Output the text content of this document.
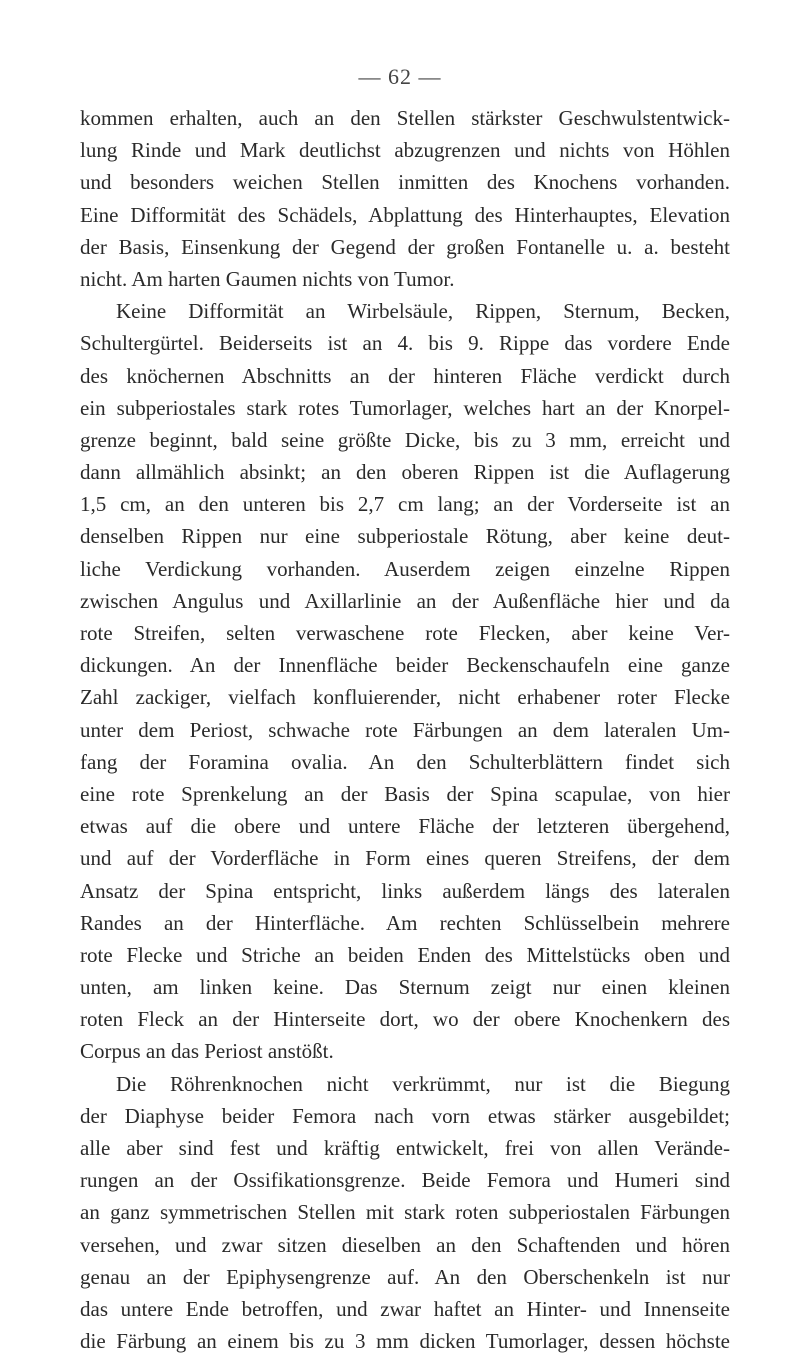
— 62 —
kommen erhalten, auch an den Stellen stärkster Geschwulstentwick-
lung Rinde und Mark deutlichst abzugrenzen und nichts von Höhlen
und besonders weichen Stellen inmitten des Knochens vorhanden.
Eine Difformität des Schädels, Abplattung des Hinterhauptes, Elevation
der Basis, Einsenkung der Gegend der großen Fontanelle u. a. besteht
nicht. Am harten Gaumen nichts von Tumor.
Keine Difformität an Wirbelsäule, Rippen, Sternum, Becken,
Schultergürtel. Beiderseits ist an 4. bis 9. Rippe das vordere Ende
des knöchernen Abschnitts an der hinteren Fläche verdickt durch
ein subperiostales stark rotes Tumorlager, welches hart an der Knorpel-
grenze beginnt, bald seine größte Dicke, bis zu 3 mm, erreicht und
dann allmählich absinkt; an den oberen Rippen ist die Auflagerung
1,5 cm, an den unteren bis 2,7 cm lang; an der Vorderseite ist an
denselben Rippen nur eine subperiostale Rötung, aber keine deut-
liche Verdickung vorhanden. Auserdem zeigen einzelne Rippen
zwischen Angulus und Axillarlinie an der Außenfläche hier und da
rote Streifen, selten verwaschene rote Flecken, aber keine Ver-
dickungen. An der Innenfläche beider Beckenschaufeln eine ganze
Zahl zackiger, vielfach konfluierender, nicht erhabener roter Flecke
unter dem Periost, schwache rote Färbungen an dem lateralen Um-
fang der Foramina ovalia. An den Schulterblättern findet sich
eine rote Sprenkelung an der Basis der Spina scapulae, von hier
etwas auf die obere und untere Fläche der letzteren übergehend,
und auf der Vorderfläche in Form eines queren Streifens, der dem
Ansatz der Spina entspricht, links außerdem längs des lateralen
Randes an der Hinterfläche. Am rechten Schlüsselbein mehrere
rote Flecke und Striche an beiden Enden des Mittelstücks oben und
unten, am linken keine. Das Sternum zeigt nur einen kleinen
roten Fleck an der Hinterseite dort, wo der obere Knochenkern des
Corpus an das Periost anstößt.
Die Röhrenknochen nicht verkrümmt, nur ist die Biegung
der Diaphyse beider Femora nach vorn etwas stärker ausgebildet;
alle aber sind fest und kräftig entwickelt, frei von allen Verände-
rungen an der Ossifikationsgrenze. Beide Femora und Humeri sind
an ganz symmetrischen Stellen mit stark roten subperiostalen Färbungen
versehen, und zwar sitzen dieselben an den Schaftenden und hören
genau an der Epiphysengrenze auf. An den Oberschenkeln ist nur
das untere Ende betroffen, und zwar haftet an Hinter- und Innenseite
die Färbung an einem bis zu 3 mm dicken Tumorlager, dessen höchste
